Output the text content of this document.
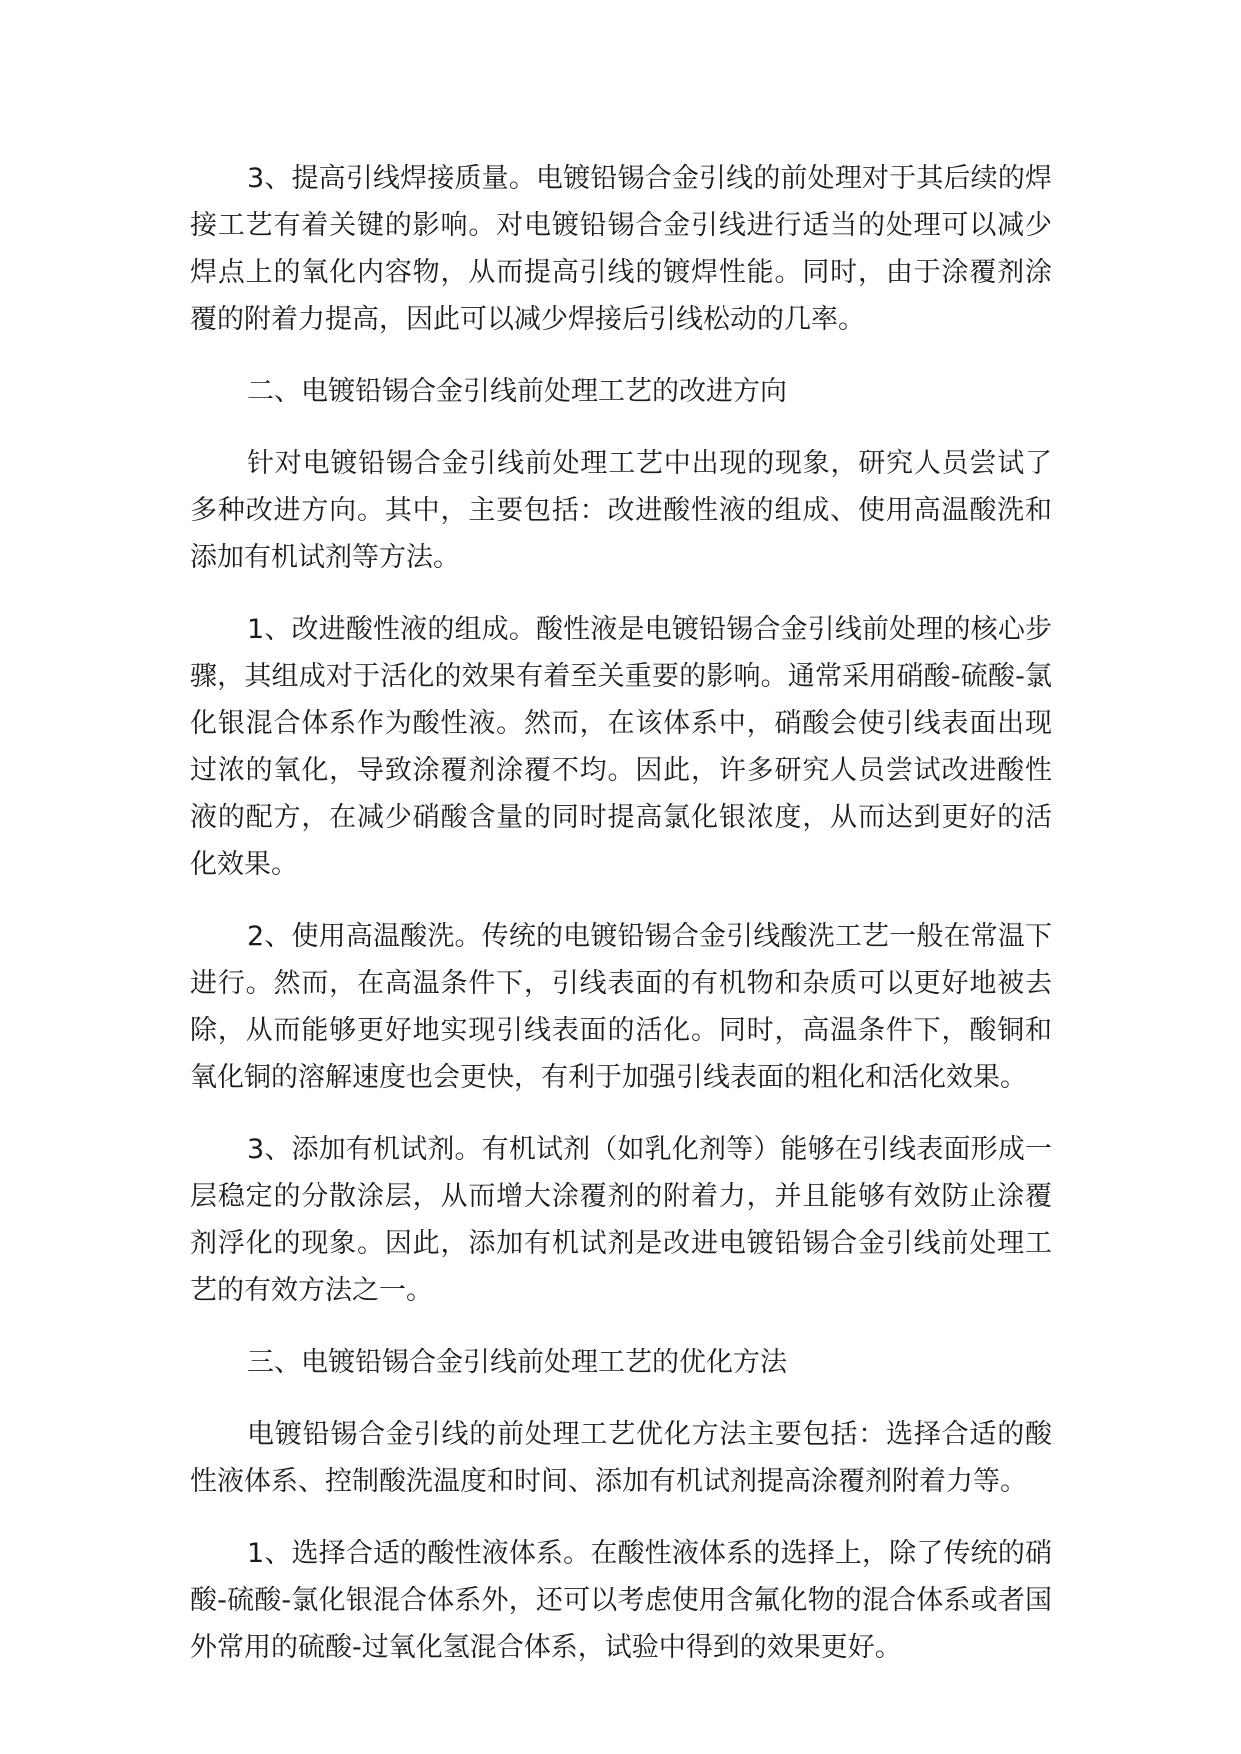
3、提高引线焊接质量。电镀铅锡合金引线的前处理对于其后续的焊接工艺有着关键的影响。对电镀铅锡合金引线进行适当的处理可以减少焊点上的氧化内容物，从而提高引线的镀焊性能。同时，由于涂覆剂涂覆的附着力提高，因此可以减少焊接后引线松动的几率。

二、电镀铅锡合金引线前处理工艺的改进方向

针对电镀铅锡合金引线前处理工艺中出现的现象，研究人员尝试了多种改进方向。其中，主要包括：改进酸性液的组成、使用高温酸洗和添加有机试剂等方法。

1、改进酸性液的组成。酸性液是电镀铅锡合金引线前处理的核心步骤，其组成对于活化的效果有着至关重要的影响。通常采用硝酸-硫酸-氯化银混合体系作为酸性液。然而，在该体系中，硝酸会使引线表面出现过浓的氧化，导致涂覆剂涂覆不均。因此，许多研究人员尝试改进酸性液的配方，在减少硝酸含量的同时提高氯化银浓度，从而达到更好的活化效果。

2、使用高温酸洗。传统的电镀铅锡合金引线酸洗工艺一般在常温下进行。然而，在高温条件下，引线表面的有机物和杂质可以更好地被去除，从而能够更好地实现引线表面的活化。同时，高温条件下，酸铜和氧化铜的溶解速度也会更快，有利于加强引线表面的粗化和活化效果。

3、添加有机试剂。有机试剂（如乳化剂等）能够在引线表面形成一层稳定的分散涂层，从而增大涂覆剂的附着力，并且能够有效防止涂覆剂浮化的现象。因此，添加有机试剂是改进电镀铅锡合金引线前处理工艺的有效方法之一。

三、电镀铅锡合金引线前处理工艺的优化方法

电镀铅锡合金引线的前处理工艺优化方法主要包括：选择合适的酸性液体系、控制酸洗温度和时间、添加有机试剂提高涂覆剂附着力等。

1、选择合适的酸性液体系。在酸性液体系的选择上，除了传统的硝酸-硫酸-氯化银混合体系外，还可以考虑使用含氟化物的混合体系或者国外常用的硫酸-过氧化氢混合体系，试验中得到的效果更好。
